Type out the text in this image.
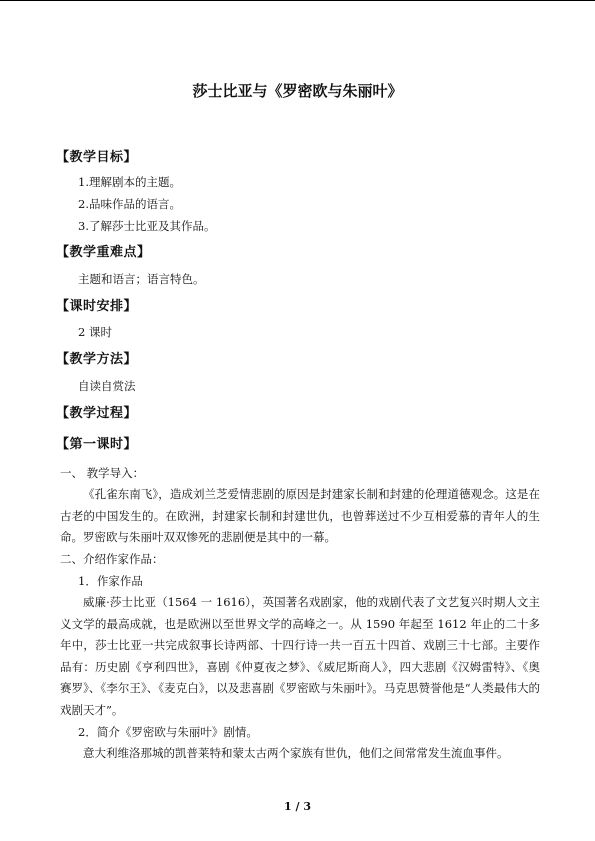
莎士比亚与《罗密欧与朱丽叶》
【教学目标】
1.理解剧本的主题。
2.品味作品的语言。
3.了解莎士比亚及其作品。
【教学重难点】
主题和语言；语言特色。
【课时安排】
2 课时
【教学方法】
自读自赏法
【教学过程】
【第一课时】
一、 教学导入：
《孔雀东南飞》，造成刘兰芝爱情悲剧的原因是封建家长制和封建的伦理道德观念。这是在古老的中国发生的。在欧洲，封建家长制和封建世仇，也曾葬送过不少互相爱慕的青年人的生命。罗密欧与朱丽叶双双惨死的悲剧便是其中的一幕。
二、介绍作家作品：
1．作家作品
威廉·莎士比亚（1564 一 1616），英国著名戏剧家，他的戏剧代表了文艺复兴时期人文主义文学的最高成就，也是欧洲以至世界文学的高峰之一。从 1590 年起至 1612 年止的二十多年中，莎士比亚一共完成叙事长诗两部、十四行诗一共一百五十四首、戏剧三十七部。主要作品有：历史剧《亨利四世》，喜剧《仲夏夜之梦》、《威尼斯商人》，四大悲剧《汉姆雷特》、《奥赛罗》、《李尔王》、《麦克白》，以及悲喜剧《罗密欧与朱丽叶》。马克思赞誉他是“人类最伟大的戏剧天才”。
2．简介《罗密欧与朱丽叶》剧情。
意大利维洛那城的凯普莱特和蒙太古两个家族有世仇，他们之间常常发生流血事件。
1 / 3
